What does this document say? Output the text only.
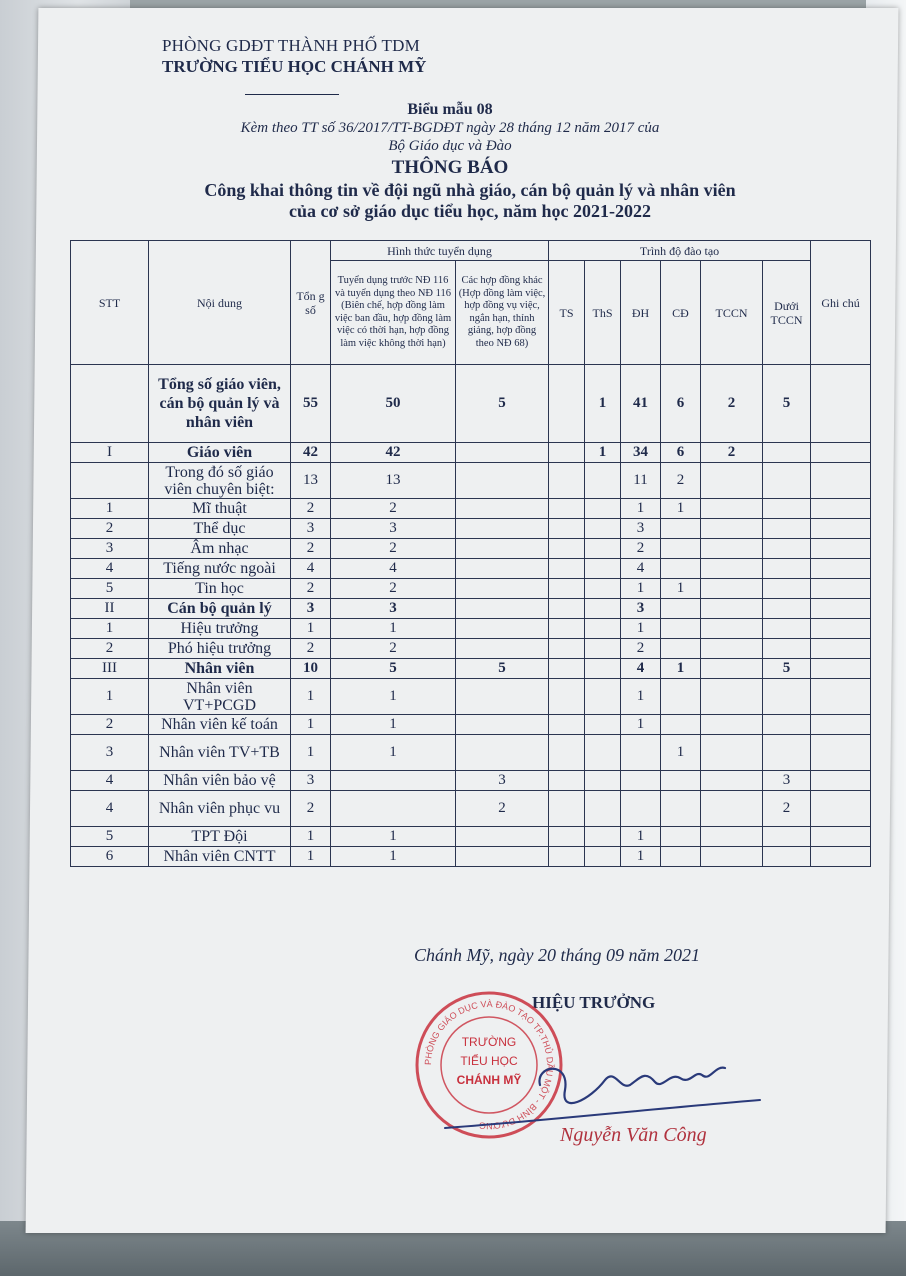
PHÒNG GDĐT THÀNH PHỐ TDM
TRƯỜNG TIỂU HỌC CHÁNH MỸ
Biểu mẫu 08
Kèm theo TT số 36/2017/TT-BGDĐT ngày 28 tháng 12 năm 2017 của
Bộ Giáo dục và Đào
THÔNG BÁO
Công khai thông tin về đội ngũ nhà giáo, cán bộ quản lý và nhân viên
của cơ sở giáo dục tiểu học, năm học 2021-2022
STT	Nội dung	Tổn g số	Hình thức tuyển dụng		Trình độ đào tạo						Ghi chú
			Tuyển dụng trước NĐ 116 và tuyển dụng theo NĐ 116 (Biên chế, hợp đồng làm việc ban đầu, hợp đồng làm việc có thời hạn, hợp đồng làm việc không thời hạn)	Các hợp đồng khác (Hợp đồng làm việc, hợp đồng vụ việc, ngắn hạn, thỉnh giảng, hợp đồng theo NĐ 68)	TS	ThS	ĐH	CĐ	TCCN	Dưới TCCN	
	Tổng số giáo viên, cán bộ quản lý và nhân viên	55	50	5		1	41	6	2	5	
I	Giáo viên	42	42			1	34	6	2		
	Trong đó số giáo viên chuyên biệt:	13	13				11	2			
1	Mĩ thuật	2	2				1	1			
2	Thể dục	3	3				3				
3	Âm nhạc	2	2				2				
4	Tiếng nước ngoài	4	4				4				
5	Tin học	2	2				1	1			
II	Cán bộ quản lý	3	3				3				
1	Hiệu trưởng	1	1				1				
2	Phó hiệu trưởng	2	2				2				
III	Nhân viên	10	5	5			4	1		5	
1	Nhân viên VT+PCGD	1	1				1				
2	Nhân viên kế toán	1	1				1				
3	Nhân viên TV+TB	1	1					1			
4	Nhân viên bảo vệ	3		3						3	
4	Nhân viên phục vu	2		2						2	
5	TPT Đội	1	1				1				
6	Nhân viên CNTT	1	1				1				
Chánh Mỹ, ngày 20 tháng 09 năm 2021
HIỆU TRƯỞNG
PHÒNG GIÁO DỤC VÀ ĐÀO TẠO TP.THỦ DẦU MỘT - BÌNH DƯƠNG
TRƯỜNG
TIỂU HỌC
CHÁNH MỸ
Nguyễn Văn Công
